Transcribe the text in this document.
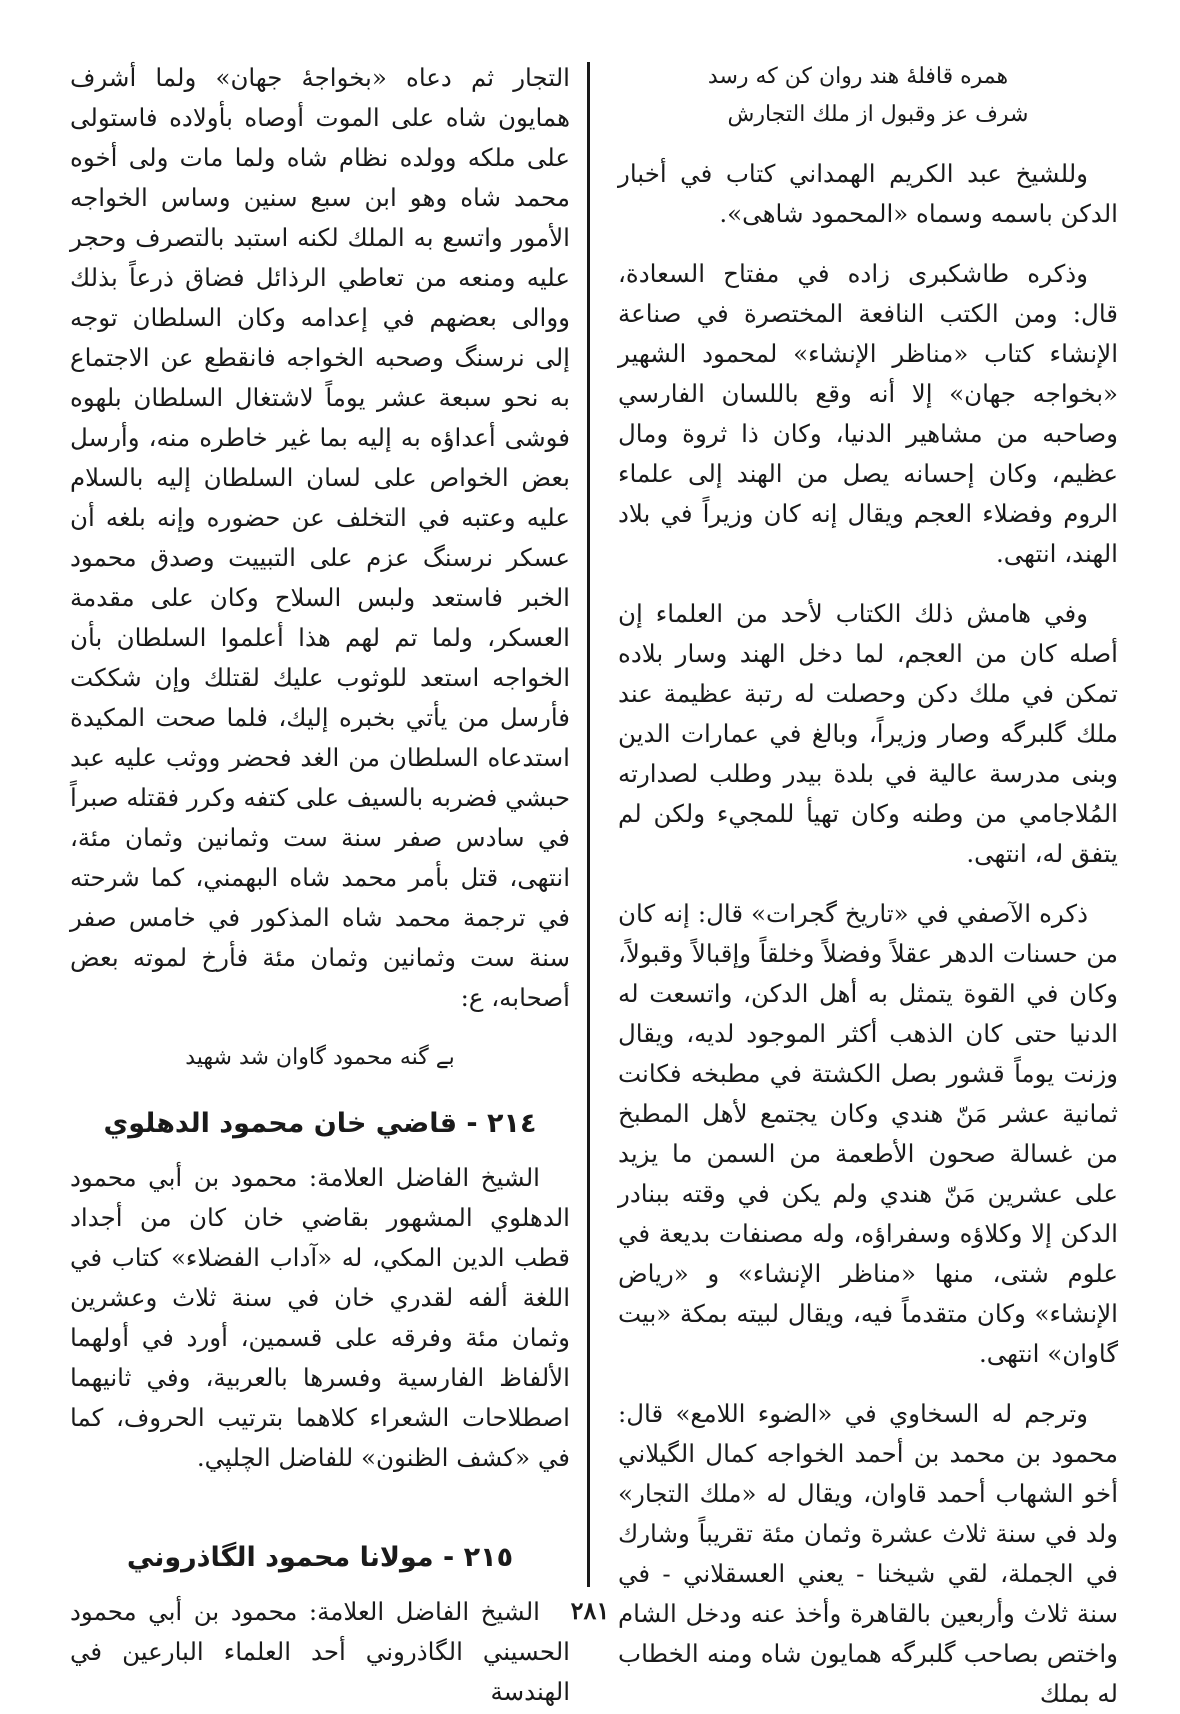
همره قافلهٔ هند روان کن که رسد

شرف عز وقبول از ملك التجارش

وللشيخ عبد الكريم الهمداني كتاب في أخبار الدكن باسمه وسماه «المحمود شاهی».

وذكره طاشكبرى زاده في مفتاح السعادة، قال: ومن الكتب النافعة المختصرة في صناعة الإنشاء كتاب «مناظر الإنشاء» لمحمود الشهير «بخواجه جهان» إلا أنه وقع باللسان الفارسي وصاحبه من مشاهير الدنيا، وكان ذا ثروة ومال عظيم، وكان إحسانه يصل من الهند إلى علماء الروم وفضلاء العجم ويقال إنه كان وزيراً في بلاد الهند، انتهى.

وفي هامش ذلك الكتاب لأحد من العلماء إن أصله كان من العجم، لما دخل الهند وسار بلاده تمكن في ملك دكن وحصلت له رتبة عظيمة عند ملك گلبرگه وصار وزيراً، وبالغ في عمارات الدين وبنى مدرسة عالية في بلدة بيدر وطلب لصدارته المُلاجامي من وطنه وكان تهيأ للمجيء ولكن لم يتفق له، انتهى.

ذكره الآصفي في «تاريخ گجرات» قال: إنه كان من حسنات الدهر عقلاً وفضلاً وخلقاً وإقبالاً وقبولاً، وكان في القوة يتمثل به أهل الدكن، واتسعت له الدنيا حتى كان الذهب أكثر الموجود لديه، ويقال وزنت يوماً قشور بصل الكشتة في مطبخه فكانت ثمانية عشر مَنّ هندي وكان يجتمع لأهل المطبخ من غسالة صحون الأطعمة من السمن ما يزيد على عشرين مَنّ هندي ولم يكن في وقته ببنادر الدكن إلا وكلاؤه وسفراؤه، وله مصنفات بديعة في علوم شتى، منها «مناظر الإنشاء» و «رياض الإنشاء» وكان متقدماً فيه، ويقال لبيته بمكة «بيت گاوان» انتهى.

وترجم له السخاوي في «الضوء اللامع» قال: محمود بن محمد بن أحمد الخواجه كمال الگيلاني أخو الشهاب أحمد قاوان، ويقال له «ملك التجار» ولد في سنة ثلاث عشرة وثمان مئة تقريباً وشارك في الجملة، لقي شيخنا - يعني العسقلاني - في سنة ثلاث وأربعين بالقاهرة وأخذ عنه ودخل الشام واختص بصاحب گلبرگه همايون شاه ومنه الخطاب له بملك

التجار ثم دعاه «بخواجهٔ جهان» ولما أشرف همايون شاه على الموت أوصاه بأولاده فاستولى على ملكه وولده نظام شاه ولما مات ولى أخوه محمد شاه وهو ابن سبع سنين وساس الخواجه الأمور واتسع به الملك لكنه استبد بالتصرف وحجر عليه ومنعه من تعاطي الرذائل فضاق ذرعاً بذلك ووالى بعضهم في إعدامه وكان السلطان توجه إلى نرسنگ وصحبه الخواجه فانقطع عن الاجتماع به نحو سبعة عشر يوماً لاشتغال السلطان بلهوه فوشى أعداؤه به إليه بما غير خاطره منه، وأرسل بعض الخواص على لسان السلطان إليه بالسلام عليه وعتبه في التخلف عن حضوره وإنه بلغه أن عسكر نرسنگ عزم على التبييت وصدق محمود الخبر فاستعد ولبس السلاح وكان على مقدمة العسكر، ولما تم لهم هذا أعلموا السلطان بأن الخواجه استعد للوثوب عليك لقتلك وإن شككت فأرسل من يأتي بخبره إليك، فلما صحت المكيدة استدعاه السلطان من الغد فحضر ووثب عليه عبد حبشي فضربه بالسيف على كتفه وكرر فقتله صبراً في سادس صفر سنة ست وثمانين وثمان مئة، انتهى، قتل بأمر محمد شاه البهمني، كما شرحته في ترجمة محمد شاه المذكور في خامس صفر سنة ست وثمانين وثمان مئة فأرخ لموته بعض أصحابه، ع:

بے گنه محمود گاوان شد شهيد

٢١٤ - قاضي خان محمود الدهلوي

الشيخ الفاضل العلامة: محمود بن أبي محمود الدهلوي المشهور بقاضي خان كان من أجداد قطب الدين المكي، له «آداب الفضلاء» كتاب في اللغة ألفه لقدري خان في سنة ثلاث وعشرين وثمان مئة وفرقه على قسمين، أورد في أولهما الألفاظ الفارسية وفسرها بالعربية، وفي ثانيهما اصطلاحات الشعراء كلاهما بترتيب الحروف، كما في «كشف الظنون» للفاضل الچلپي.

٢١٥ - مولانا محمود الگاذروني

الشيخ الفاضل العلامة: محمود بن أبي محمود الحسيني الگاذروني أحد العلماء البارعين في الهندسة

٢٨١
